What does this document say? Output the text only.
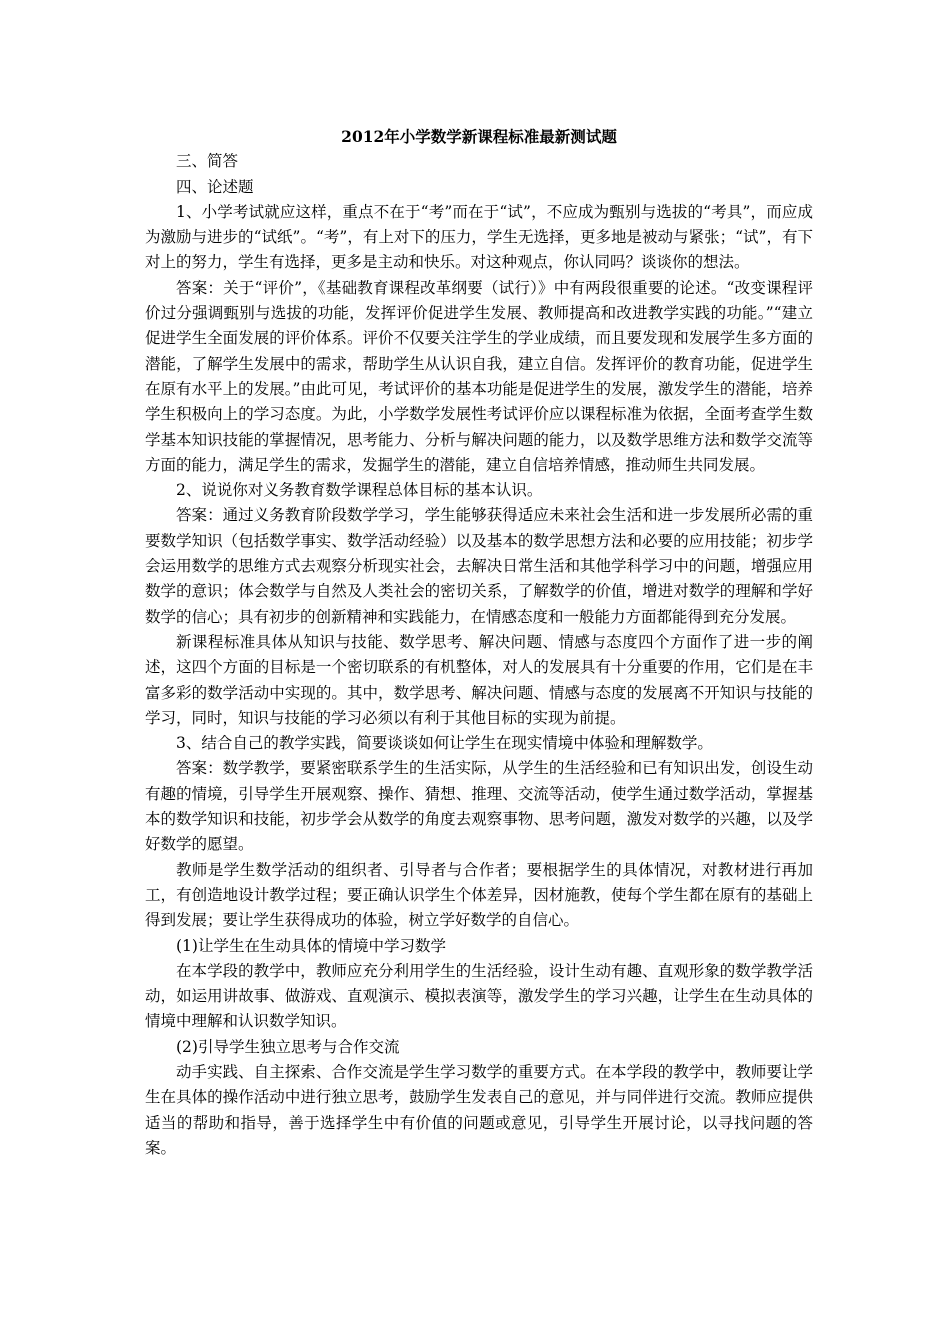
2012年小学数学新课程标准最新测试题

三、简答

四、论述题

1、小学考试就应这样，重点不在于“考”而在于“试”，不应成为甄别与选拔的“考具”，而应成为激励与进步的“试纸”。“考”，有上对下的压力，学生无选择，更多地是被动与紧张；“试”，有下对上的努力，学生有选择，更多是主动和快乐。对这种观点，你认同吗？谈谈你的想法。

答案：关于“评价”，《基础教育课程改革纲要（试行）》中有两段很重要的论述。“改变课程评价过分强调甄别与选拔的功能，发挥评价促进学生发展、教师提高和改进教学实践的功能。”“建立促进学生全面发展的评价体系。评价不仅要关注学生的学业成绩，而且要发现和发展学生多方面的潜能，了解学生发展中的需求，帮助学生从认识自我，建立自信。发挥评价的教育功能，促进学生在原有水平上的发展。”由此可见，考试评价的基本功能是促进学生的发展，激发学生的潜能，培养学生积极向上的学习态度。为此，小学数学发展性考试评价应以课程标准为依据，全面考查学生数学基本知识技能的掌握情况，思考能力、分析与解决问题的能力，以及数学思维方法和数学交流等方面的能力，满足学生的需求，发掘学生的潜能，建立自信培养情感，推动师生共同发展。

2、说说你对义务教育数学课程总体目标的基本认识。

答案：通过义务教育阶段数学学习，学生能够获得适应未来社会生活和进一步发展所必需的重要数学知识（包括数学事实、数学活动经验）以及基本的数学思想方法和必要的应用技能；初步学会运用数学的思维方式去观察分析现实社会，去解决日常生活和其他学科学习中的问题，增强应用数学的意识；体会数学与自然及人类社会的密切关系，了解数学的价值，增进对数学的理解和学好数学的信心；具有初步的创新精神和实践能力，在情感态度和一般能力方面都能得到充分发展。

新课程标准具体从知识与技能、数学思考、解决问题、情感与态度四个方面作了进一步的阐述，这四个方面的目标是一个密切联系的有机整体，对人的发展具有十分重要的作用，它们是在丰富多彩的数学活动中实现的。其中，数学思考、解决问题、情感与态度的发展离不开知识与技能的学习，同时，知识与技能的学习必须以有利于其他目标的实现为前提。

3、结合自己的教学实践，简要谈谈如何让学生在现实情境中体验和理解数学。

答案：数学教学，要紧密联系学生的生活实际，从学生的生活经验和已有知识出发，创设生动有趣的情境，引导学生开展观察、操作、猜想、推理、交流等活动，使学生通过数学活动，掌握基本的数学知识和技能，初步学会从数学的角度去观察事物、思考问题，激发对数学的兴趣，以及学好数学的愿望。

教师是学生数学活动的组织者、引导者与合作者；要根据学生的具体情况，对教材进行再加工，有创造地设计教学过程；要正确认识学生个体差异，因材施教，使每个学生都在原有的基础上得到发展；要让学生获得成功的体验，树立学好数学的自信心。

(1)让学生在生动具体的情境中学习数学

在本学段的教学中，教师应充分利用学生的生活经验，设计生动有趣、直观形象的数学教学活动，如运用讲故事、做游戏、直观演示、模拟表演等，激发学生的学习兴趣，让学生在生动具体的情境中理解和认识数学知识。

(2)引导学生独立思考与合作交流

动手实践、自主探索、合作交流是学生学习数学的重要方式。在本学段的教学中，教师要让学生在具体的操作活动中进行独立思考，鼓励学生发表自己的意见，并与同伴进行交流。教师应提供适当的帮助和指导，善于选择学生中有价值的问题或意见，引导学生开展讨论，以寻找问题的答案。
